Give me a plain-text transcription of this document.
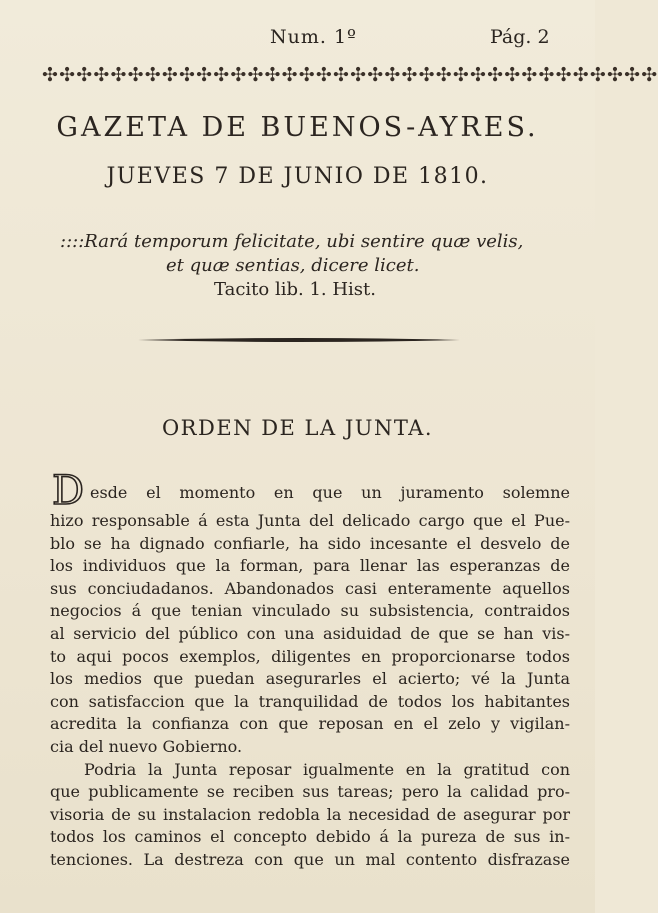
Num. 1º	Pág. 2
✣✣✣✣✣✣✣✣✣✣✣✣✣✣✣✣✣✣✣✣✣✣✣✣✣✣✣✣✣✣✣✣✣✣✣✣
GAZETA DE BUENOS-AYRES.
JUEVES 7 DE JUNIO DE 1810.
::::Rará temporum felicitate, ubi sentire quæ velis,
et quæ sentias, dicere licet.
Tacito lib. 1. Hist.
ORDEN DE LA JUNTA.
D esde el momento en que un juramento solemne
hizo responsable á esta Junta del delicado cargo que el Pue-
blo se ha dignado confiarle, ha sido incesante el desvelo de
los individuos que la forman, para llenar las esperanzas de
sus conciudadanos. Abandonados casi enteramente aquellos
negocios á que tenian vinculado su subsistencia, contraidos
al servicio del público con una asiduidad de que se han vis-
to aqui pocos exemplos, diligentes en proporcionarse todos
los medios que puedan asegurarles el acierto; vé la Junta
con satisfaccion que la tranquilidad de todos los habitantes
acredita la confianza con que reposan en el zelo y vigilan-
cia del nuevo Gobierno.
Podria la Junta reposar igualmente en la gratitud con
que publicamente se reciben sus tareas; pero la calidad pro-
visoria de su instalacion redobla la necesidad de asegurar por
todos los caminos el concepto debido á la pureza de sus in-
tenciones. La destreza con que un mal contento disfrazase
